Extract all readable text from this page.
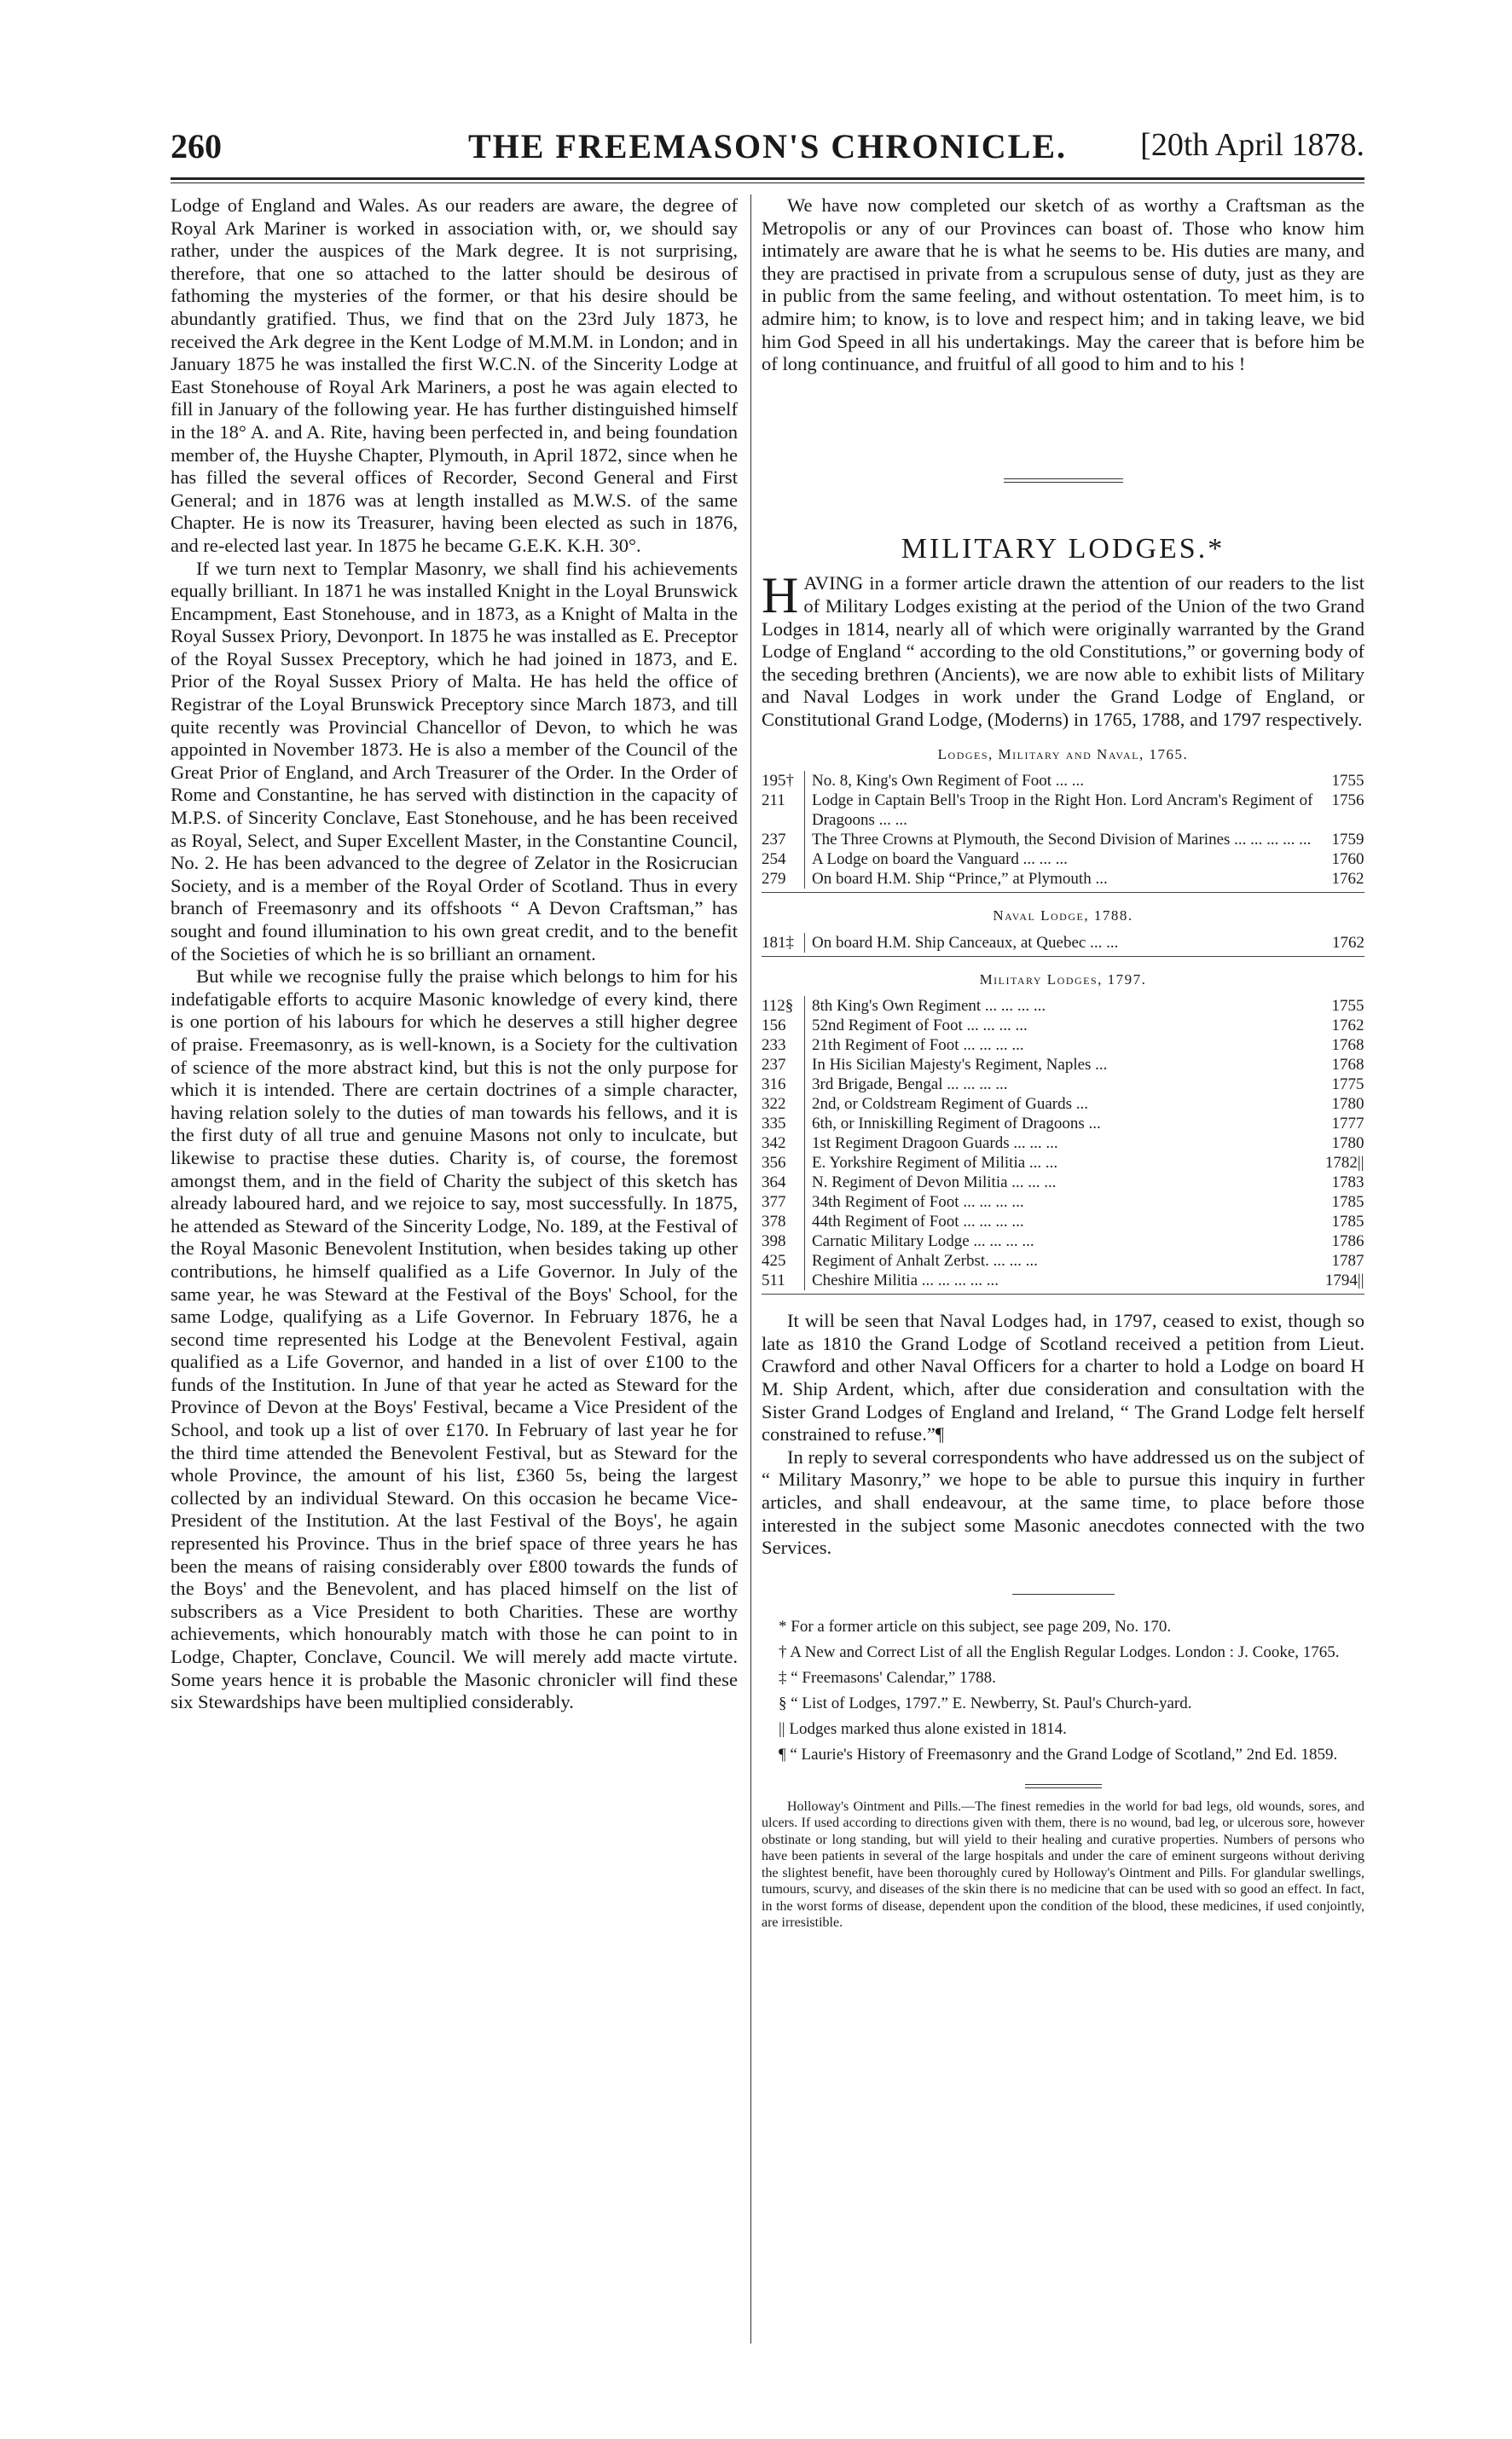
260	THE FREEMASON'S CHRONICLE.	[20th April 1878.

Lodge of England and Wales. As our readers are aware, the degree of Royal Ark Mariner is worked in association with, or, we should say rather, under the auspices of the Mark degree. It is not surprising, therefore, that one so attached to the latter should be desirous of fathoming the mysteries of the former, or that his desire should be abundantly gratified. Thus, we find that on the 23rd July 1873, he received the Ark degree in the Kent Lodge of M.M.M. in London; and in January 1875 he was installed the first W.C.N. of the Sincerity Lodge at East Stonehouse of Royal Ark Mariners, a post he was again elected to fill in January of the following year. He has further distinguished himself in the 18° A. and A. Rite, having been perfected in, and being foundation member of, the Huyshe Chapter, Plymouth, in April 1872, since when he has filled the several offices of Recorder, Second General and First General; and in 1876 was at length installed as M.W.S. of the same Chapter. He is now its Treasurer, having been elected as such in 1876, and re-elected last year. In 1875 he became G.E.K. K.H. 30°.

If we turn next to Templar Masonry, we shall find his achievements equally brilliant. In 1871 he was installed Knight in the Loyal Brunswick Encampment, East Stonehouse, and in 1873, as a Knight of Malta in the Royal Sussex Priory, Devonport. In 1875 he was installed as E. Preceptor of the Royal Sussex Preceptory, which he had joined in 1873, and E. Prior of the Royal Sussex Priory of Malta. He has held the office of Registrar of the Loyal Brunswick Preceptory since March 1873, and till quite recently was Provincial Chancellor of Devon, to which he was appointed in November 1873. He is also a member of the Council of the Great Prior of England, and Arch Treasurer of the Order. In the Order of Rome and Constantine, he has served with distinction in the capacity of M.P.S. of Sincerity Conclave, East Stonehouse, and he has been received as Royal, Select, and Super Excellent Master, in the Constantine Council, No. 2. He has been advanced to the degree of Zelator in the Rosicrucian Society, and is a member of the Royal Order of Scotland. Thus in every branch of Freemasonry and its offshoots “ A Devon Craftsman,” has sought and found illumination to his own great credit, and to the benefit of the Societies of which he is so brilliant an ornament.

But while we recognise fully the praise which belongs to him for his indefatigable efforts to acquire Masonic knowledge of every kind, there is one portion of his labours for which he deserves a still higher degree of praise. Freemasonry, as is well-known, is a Society for the cultivation of science of the more abstract kind, but this is not the only purpose for which it is intended. There are certain doctrines of a simple character, having relation solely to the duties of man towards his fellows, and it is the first duty of all true and genuine Masons not only to inculcate, but likewise to practise these duties. Charity is, of course, the foremost amongst them, and in the field of Charity the subject of this sketch has already laboured hard, and we rejoice to say, most successfully. In 1875, he attended as Steward of the Sincerity Lodge, No. 189, at the Festival of the Royal Masonic Benevolent Institution, when besides taking up other contributions, he himself qualified as a Life Governor. In July of the same year, he was Steward at the Festival of the Boys' School, for the same Lodge, qualifying as a Life Governor. In February 1876, he a second time represented his Lodge at the Benevolent Festival, again qualified as a Life Governor, and handed in a list of over £100 to the funds of the Institution. In June of that year he acted as Steward for the Province of Devon at the Boys' Festival, became a Vice President of the School, and took up a list of over £170. In February of last year he for the third time attended the Benevolent Festival, but as Steward for the whole Province, the amount of his list, £360 5s, being the largest collected by an individual Steward. On this occasion he became Vice-President of the Institution. At the last Festival of the Boys', he again represented his Province. Thus in the brief space of three years he has been the means of raising considerably over £800 towards the funds of the Boys' and the Benevolent, and has placed himself on the list of subscribers as a Vice President to both Charities. These are worthy achievements, which honourably match with those he can point to in Lodge, Chapter, Conclave, Council. We will merely add macte virtute. Some years hence it is probable the Masonic chronicler will find these six Stewardships have been multiplied considerably.

We have now completed our sketch of as worthy a Craftsman as the Metropolis or any of our Provinces can boast of. Those who know him intimately are aware that he is what he seems to be. His duties are many, and they are practised in private from a scrupulous sense of duty, just as they are in public from the same feeling, and without ostentation. To meet him, is to admire him; to know, is to love and respect him; and in taking leave, we bid him God Speed in all his undertakings. May the career that is before him be of long continuance, and fruitful of all good to him and to his !

MILITARY LODGES.*

HAVING in a former article drawn the attention of our readers to the list of Military Lodges existing at the period of the Union of the two Grand Lodges in 1814, nearly all of which were originally warranted by the Grand Lodge of England “ according to the old Constitutions,” or governing body of the seceding brethren (Ancients), we are now able to exhibit lists of Military and Naval Lodges in work under the Grand Lodge of England, or Constitutional Grand Lodge, (Moderns) in 1765, 1788, and 1797 respectively.

Lodges, Military and Naval, 1765.
195†	No. 8, King's Own Regiment of Foot ... ...	1755
211	Lodge in Captain Bell's Troop in the Right Hon. Lord Ancram's Regiment of Dragoons ... ...	1756
237	The Three Crowns at Plymouth, the Second Division of Marines ... ... ... ... ...	1759
254	A Lodge on board the Vanguard ... ... ...	1760
279	On board H.M. Ship “Prince,” at Plymouth ...	1762
Naval Lodge, 1788.
181‡	On board H.M. Ship Canceaux, at Quebec ... ...	1762
Military Lodges, 1797.
112§	8th King's Own Regiment ... ... ... ...	1755
156	52nd Regiment of Foot ... ... ... ...	1762
233	21th Regiment of Foot ... ... ... ...	1768
237	In His Sicilian Majesty's Regiment, Naples ...	1768
316	3rd Brigade, Bengal ... ... ... ...	1775
322	2nd, or Coldstream Regiment of Guards ...	1780
335	6th, or Inniskilling Regiment of Dragoons ...	1777
342	1st Regiment Dragoon Guards ... ... ...	1780
356	E. Yorkshire Regiment of Militia ... ...	1782||
364	N. Regiment of Devon Militia ... ... ...	1783
377	34th Regiment of Foot ... ... ... ...	1785
378	44th Regiment of Foot ... ... ... ...	1785
398	Carnatic Military Lodge ... ... ... ...	1786
425	Regiment of Anhalt Zerbst. ... ... ...	1787
511	Cheshire Militia ... ... ... ... ...	1794||

It will be seen that Naval Lodges had, in 1797, ceased to exist, though so late as 1810 the Grand Lodge of Scotland received a petition from Lieut. Crawford and other Naval Officers for a charter to hold a Lodge on board H M. Ship Ardent, which, after due consideration and consultation with the Sister Grand Lodges of England and Ireland, “ The Grand Lodge felt herself constrained to refuse.”¶

In reply to several correspondents who have addressed us on the subject of “ Military Masonry,” we hope to be able to pursue this inquiry in further articles, and shall endeavour, at the same time, to place before those interested in the subject some Masonic anecdotes connected with the two Services.

* For a former article on this subject, see page 209, No. 170.

† A New and Correct List of all the English Regular Lodges. London : J. Cooke, 1765.

‡ “ Freemasons' Calendar,” 1788.

§ “ List of Lodges, 1797.” E. Newberry, St. Paul's Church-yard.

|| Lodges marked thus alone existed in 1814.

¶ “ Laurie's History of Freemasonry and the Grand Lodge of Scotland,” 2nd Ed. 1859.

Holloway's Ointment and Pills.—The finest remedies in the world for bad legs, old wounds, sores, and ulcers. If used according to directions given with them, there is no wound, bad leg, or ulcerous sore, however obstinate or long standing, but will yield to their healing and curative properties. Numbers of persons who have been patients in several of the large hospitals and under the care of eminent surgeons without deriving the slightest benefit, have been thoroughly cured by Holloway's Ointment and Pills. For glandular swellings, tumours, scurvy, and diseases of the skin there is no medicine that can be used with so good an effect. In fact, in the worst forms of disease, dependent upon the condition of the blood, these medicines, if used conjointly, are irresistible.
